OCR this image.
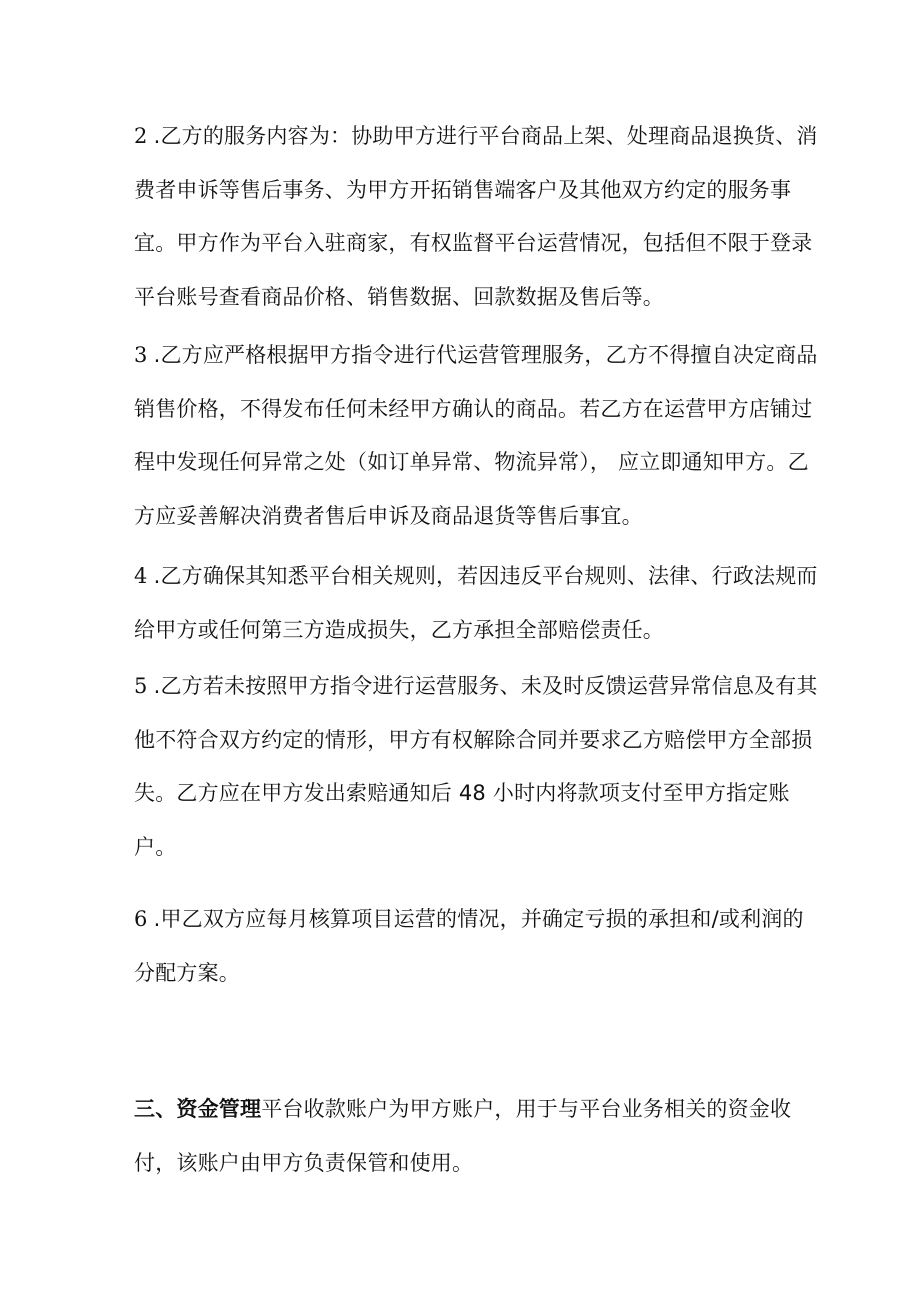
2 .乙方的服务内容为：协助甲方进行平台商品上架、处理商品退换货、消
费者申诉等售后事务、为甲方开拓销售端客户及其他双方约定的服务事
宜。甲方作为平台入驻商家，有权监督平台运营情况，包括但不限于登录
平台账号查看商品价格、销售数据、回款数据及售后等。
3 .乙方应严格根据甲方指令进行代运营管理服务，乙方不得擅自决定商品
销售价格，不得发布任何未经甲方确认的商品。若乙方在运营甲方店铺过
程中发现任何异常之处（如订单异常、物流异常）， 应立即通知甲方。乙
方应妥善解决消费者售后申诉及商品退货等售后事宜。
4 .乙方确保其知悉平台相关规则，若因违反平台规则、法律、行政法规而
给甲方或任何第三方造成损失，乙方承担全部赔偿责任。
5 .乙方若未按照甲方指令进行运营服务、未及时反馈运营异常信息及有其
他不符合双方约定的情形，甲方有权解除合同并要求乙方赔偿甲方全部损
失。乙方应在甲方发出索赔通知后 48 小时内将款项支付至甲方指定账
户。
6 .甲乙双方应每月核算项目运营的情况，并确定亏损的承担和/或利润的
分配方案。
三、资金管理平台收款账户为甲方账户，用于与平台业务相关的资金收
付，该账户由甲方负责保管和使用。
